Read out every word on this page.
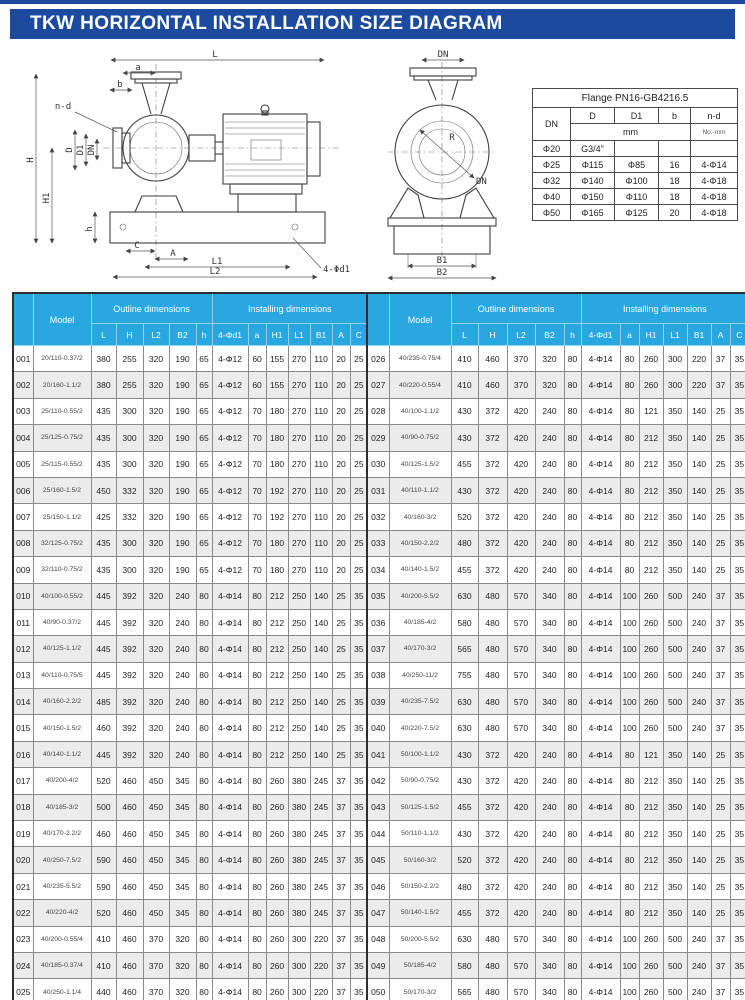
TKW HORIZONTAL INSTALLATION SIZE DIAGRAM
L
a
b
n-d
H
H1
D D1 DN
h
C
A
L1
L2	4-Φd1
DN
R
DN
B1
B2
Flange PN16-GB4216.5				
DN	D	D1	b	n-d
	mm			No.-mm
Φ20	G3/4"			
Φ25	Φ115	Φ85	16	4-Φ14
Φ32	Φ140	Φ100	18	4-Φ18
Φ40	Φ150	Φ110	18	4-Φ18
Φ50	Φ165	Φ125	20	4-Φ18
	Model	Outline dimensions					Installing dimensions						
		L	H	L2	B2	h	4-Φd1	a	H1	L1	B1	A	C
001	20/110-0.37/2	380	255	320	190	65	4-Φ12	60	155	270	110	20	25
002	20/160-1.1/2	380	255	320	190	65	4-Φ12	60	155	270	110	20	25
003	25/110-0.55/2	435	300	320	190	65	4-Φ12	70	180	270	110	20	25
004	25/125-0.75/2	435	300	320	190	65	4-Φ12	70	180	270	110	20	25
005	25/115-0.55/2	435	300	320	190	65	4-Φ12	70	180	270	110	20	25
006	25/160-1.5/2	450	332	320	190	65	4-Φ12	70	192	270	110	20	25
007	25/150-1.1/2	425	332	320	190	65	4-Φ12	70	192	270	110	20	25
008	32/125-0.75/2	435	300	320	190	65	4-Φ12	70	180	270	110	20	25
009	32/110-0.75/2	435	300	320	190	65	4-Φ12	70	180	270	110	20	25
010	40/100-0.55/2	445	392	320	240	80	4-Φ14	80	212	250	140	25	35
011	40/90-0.37/2	445	392	320	240	80	4-Φ14	80	212	250	140	25	35
012	40/125-1.1/2	445	392	320	240	80	4-Φ14	80	212	250	140	25	35
013	40/110-0.75/5	445	392	320	240	80	4-Φ14	80	212	250	140	25	35
014	40/160-2.2/2	485	392	320	240	80	4-Φ14	80	212	250	140	25	35
015	40/150-1.5/2	460	392	320	240	80	4-Φ14	80	212	250	140	25	35
016	40/140-1.1/2	445	392	320	240	80	4-Φ14	80	212	250	140	25	35
017	40/200-4/2	520	460	450	345	80	4-Φ14	80	260	380	245	37	35
018	40/185-3/2	500	460	450	345	80	4-Φ14	80	260	380	245	37	35
019	40/170-2.2/2	460	460	450	345	80	4-Φ14	80	260	380	245	37	35
020	40/250-7.5/2	590	460	450	345	80	4-Φ14	80	260	380	245	37	35
021	40/235-5.5/2	590	460	450	345	80	4-Φ14	80	260	380	245	37	35
022	40/220-4/2	520	460	450	345	80	4-Φ14	80	260	380	245	37	35
023	40/200-0.55/4	410	460	370	320	80	4-Φ14	80	260	300	220	37	35
024	40/185-0.37/4	410	460	370	320	80	4-Φ14	80	260	300	220	37	35
025	40/250-1.1/4	440	460	370	320	80	4-Φ14	80	260	300	220	37	35
	Model	Outline dimensions					Installing dimensions						
		L	H	L2	B2	h	4-Φd1	a	H1	L1	B1	A	C
026	40/235-0.75/4	410	460	370	320	80	4-Φ14	80	260	300	220	37	35
027	40/220-0.55/4	410	460	370	320	80	4-Φ14	80	260	300	220	37	35
028	40/100-1.1/2	430	372	420	240	80	4-Φ14	80	121	350	140	25	35
029	40/90-0.75/2	430	372	420	240	80	4-Φ14	80	212	350	140	25	35
030	40/125-1.5/2	455	372	420	240	80	4-Φ14	80	212	350	140	25	35
031	40/110-1.1/2	430	372	420	240	80	4-Φ14	80	212	350	140	25	35
032	40/160-3/2	520	372	420	240	80	4-Φ14	80	212	350	140	25	35
033	40/150-2.2/2	480	372	420	240	80	4-Φ14	80	212	350	140	25	35
034	40/140-1.5/2	455	372	420	240	80	4-Φ14	80	212	350	140	25	35
035	40/200-5.5/2	630	480	570	340	80	4-Φ14	100	260	500	240	37	35
036	40/185-4/2	580	480	570	340	80	4-Φ14	100	260	500	240	37	35
037	40/170-3/2	565	480	570	340	80	4-Φ14	100	260	500	240	37	35
038	40/250-11/2	755	480	570	340	80	4-Φ14	100	260	500	240	37	35
039	40/235-7.5/2	630	480	570	340	80	4-Φ14	100	260	500	240	37	35
040	40/220-7.5/2	630	480	570	340	80	4-Φ14	100	260	500	240	37	35
041	50/100-1.1/2	430	372	420	240	80	4-Φ14	80	121	350	140	25	35
042	50/90-0.75/2	430	372	420	240	80	4-Φ14	80	212	350	140	25	35
043	50/125-1.5/2	455	372	420	240	80	4-Φ14	80	212	350	140	25	35
044	50/110-1.1/2	430	372	420	240	80	4-Φ14	80	212	350	140	25	35
045	50/160-3/2	520	372	420	240	80	4-Φ14	80	212	350	140	25	35
046	50/150-2.2/2	480	372	420	240	80	4-Φ14	80	212	350	140	25	35
047	50/140-1.5/2	455	372	420	240	80	4-Φ14	80	212	350	140	25	35
048	50/200-5.5/2	630	480	570	340	80	4-Φ14	100	260	500	240	37	35
049	50/185-4/2	580	480	570	340	80	4-Φ14	100	260	500	240	37	35
050	50/170-3/2	565	480	570	340	80	4-Φ14	100	260	500	240	37	35
